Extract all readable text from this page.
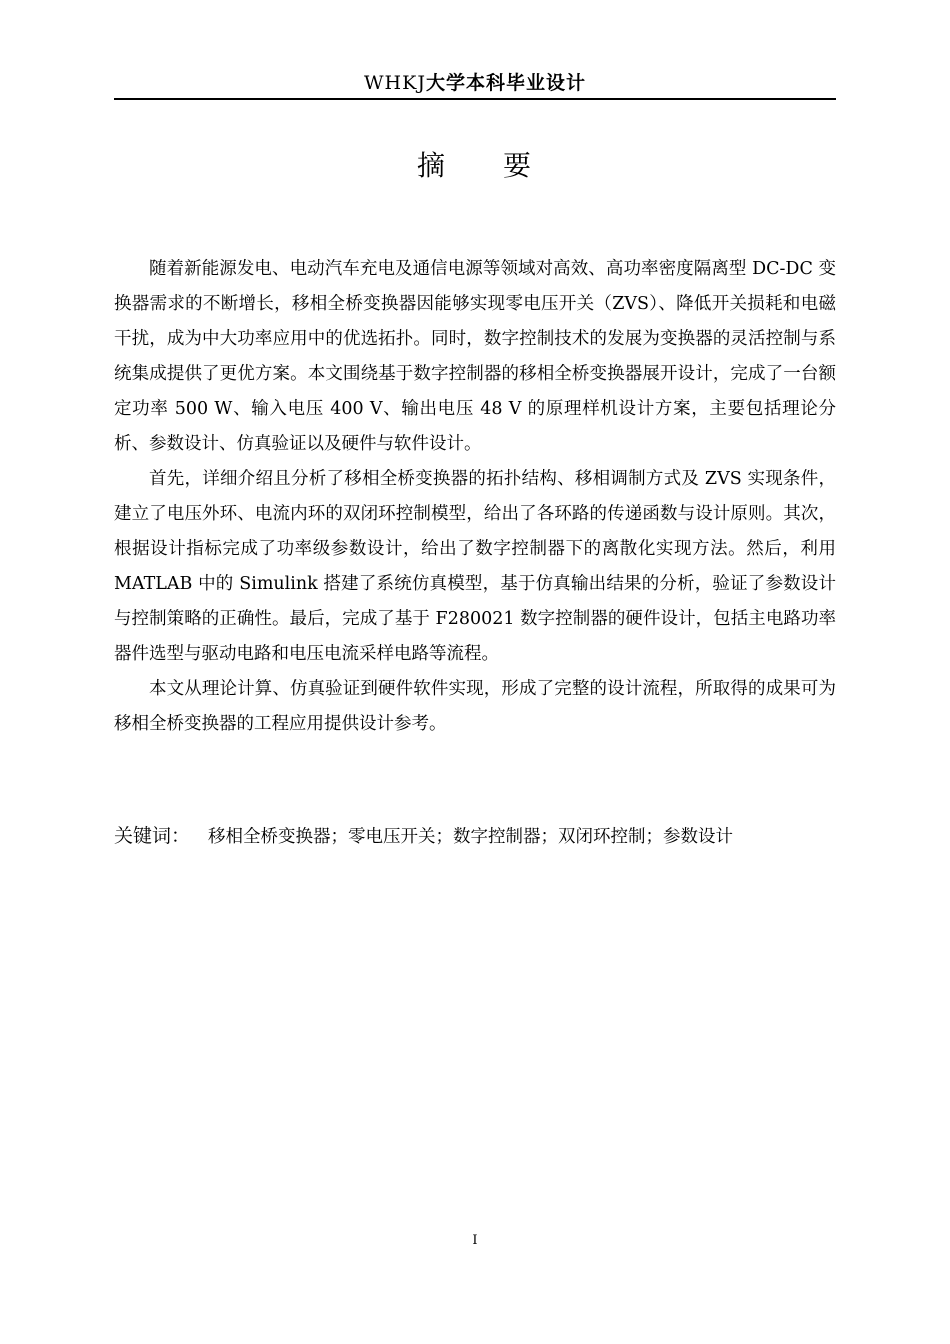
WHKJ大学本科毕业设计
摘 要

随着新能源发电、电动汽车充电及通信电源等领域对高效、高功率密度隔离型 DC-DC 变换器需求的不断增长，移相全桥变换器因能够实现零电压开关（ZVS）、降低开关损耗和电磁干扰，成为中大功率应用中的优选拓扑。同时，数字控制技术的发展为变换器的灵活控制与系统集成提供了更优方案。本文围绕基于数字控制器的移相全桥变换器展开设计，完成了一台额定功率 500 W、输入电压 400 V、输出电压 48 V 的原理样机设计方案，主要包括理论分析、参数设计、仿真验证以及硬件与软件设计。

首先，详细介绍且分析了移相全桥变换器的拓扑结构、移相调制方式及 ZVS 实现条件，建立了电压外环、电流内环的双闭环控制模型，给出了各环路的传递函数与设计原则。其次，根据设计指标完成了功率级参数设计，给出了数字控制器下的离散化实现方法。然后，利用 MATLAB 中的 Simulink 搭建了系统仿真模型，基于仿真输出结果的分析，验证了参数设计与控制策略的正确性。最后，完成了基于 F280021 数字控制器的硬件设计，包括主电路功率器件选型与驱动电路和电压电流采样电路等流程。

本文从理论计算、仿真验证到硬件软件实现，形成了完整的设计流程，所取得的成果可为移相全桥变换器的工程应用提供设计参考。

关键词： 移相全桥变换器；零电压开关；数字控制器；双闭环控制；参数设计
I
